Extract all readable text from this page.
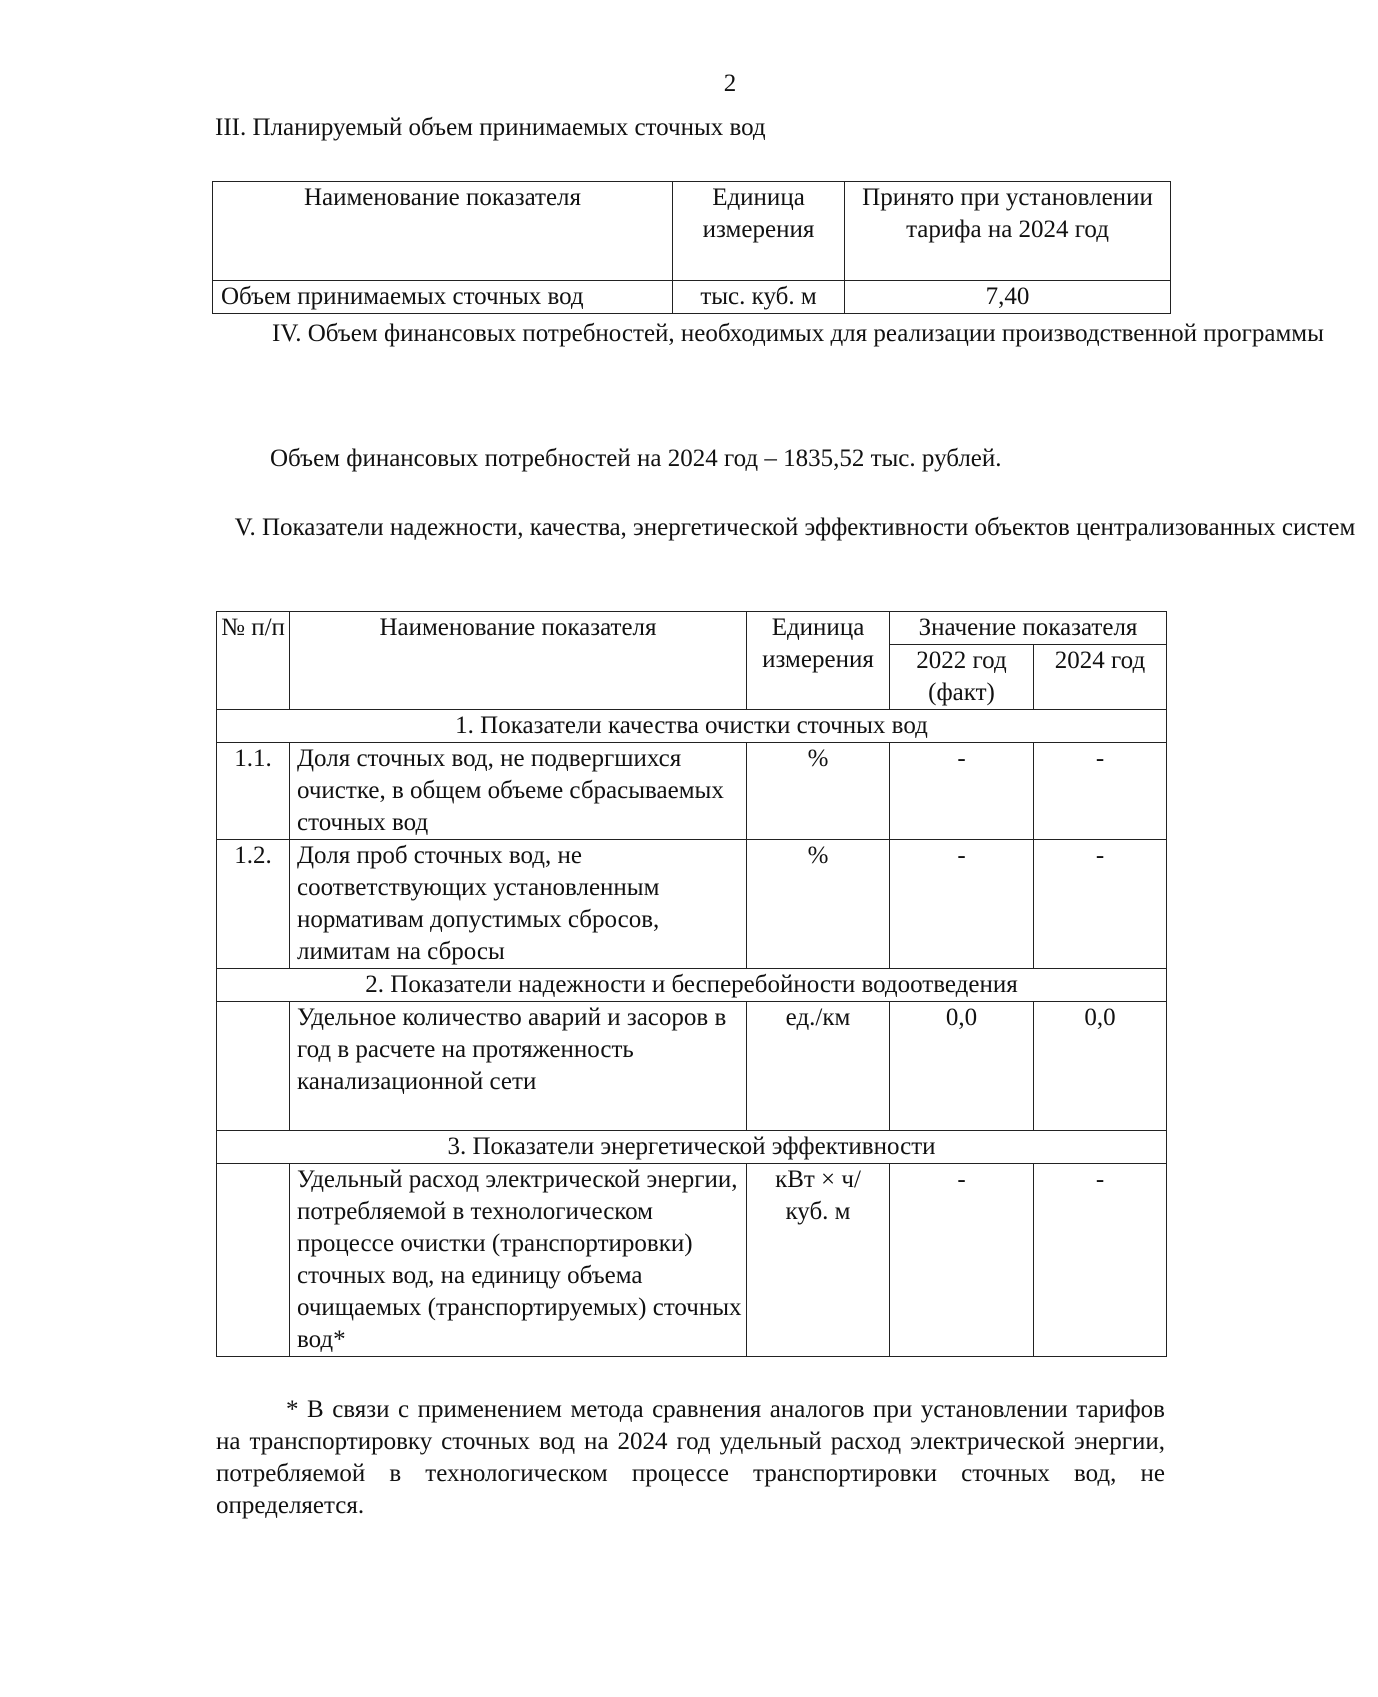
2
III. Планируемый объем принимаемых сточных вод
Наименование показателя	Единица измерения	Принято при установлении тарифа на 2024 год
Объем принимаемых сточных вод	тыс. куб. м	7,40
IV. Объем финансовых потребностей, необходимых для реализации производственной программы
Объем финансовых потребностей на 2024 год – 1835,52 тыс. рублей.
V. Показатели надежности, качества, энергетической эффективности объектов централизованных систем
№ п/п	Наименование показателя	Единица измерения	Значение показателя	
			2022 год (факт)	2024 год
1. Показатели качества очистки сточных вод				
1.1.	Доля сточных вод, не подвергшихся очистке, в общем объеме сбрасываемых сточных вод	%	-	-
1.2.	Доля проб сточных вод, не соответствующих установленным нормативам допустимых сбросов, лимитам на сбросы	%	-	-
2. Показатели надежности и бесперебойности водоотведения				
	Удельное количество аварий и засоров в год в расчете на протяженность канализационной сети	ед./км	0,0	0,0
3. Показатели энергетической эффективности				
	Удельный расход электрической энергии, потребляемой в технологическом процессе очистки (транспортировки) сточных вод, на единицу объема очищаемых (транспортируемых) сточных вод*	кВт × ч/ куб. м	-	-

* В связи с применением метода сравнения аналогов при установлении тарифов на транспортировку сточных вод на 2024 год удельный расход электрической энергии, потребляемой в технологическом процессе транспортировки сточных вод, не определяется.
